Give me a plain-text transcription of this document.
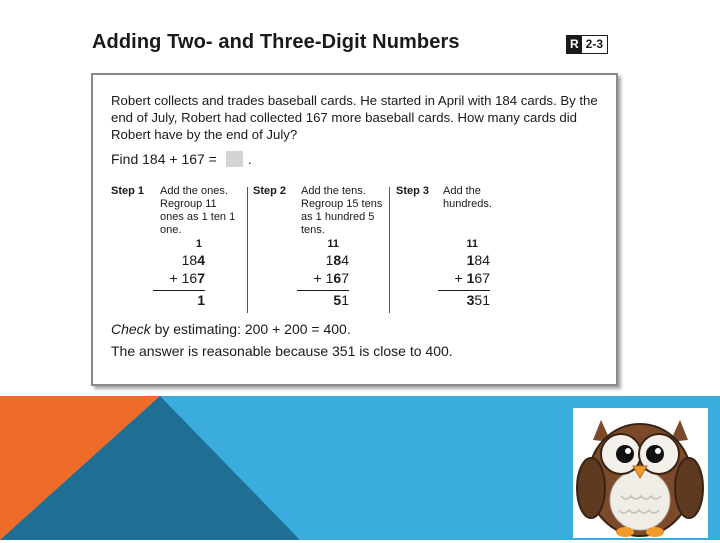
Adding Two- and Three-Digit Numbers	R 2-3

Robert collects and trades baseball cards. He started in April with 184 cards. By the end of July, Robert had collected 167 more baseball cards. How many cards did Robert have by the end of July?

Find 184 + 167 = .
Step 1 Add the ones. Regroup 11 ones as 1 ten 1 one.

1
184
+ 167
1
Step 2 Add the tens. Regroup 15 tens as 1 hundred 5 tens.

11
184
+ 167
51
Step 3 Add the hundreds.

11
184
+ 167
351

Check by estimating: 200 + 200 = 400.

The answer is reasonable because 351 is close to 400.
